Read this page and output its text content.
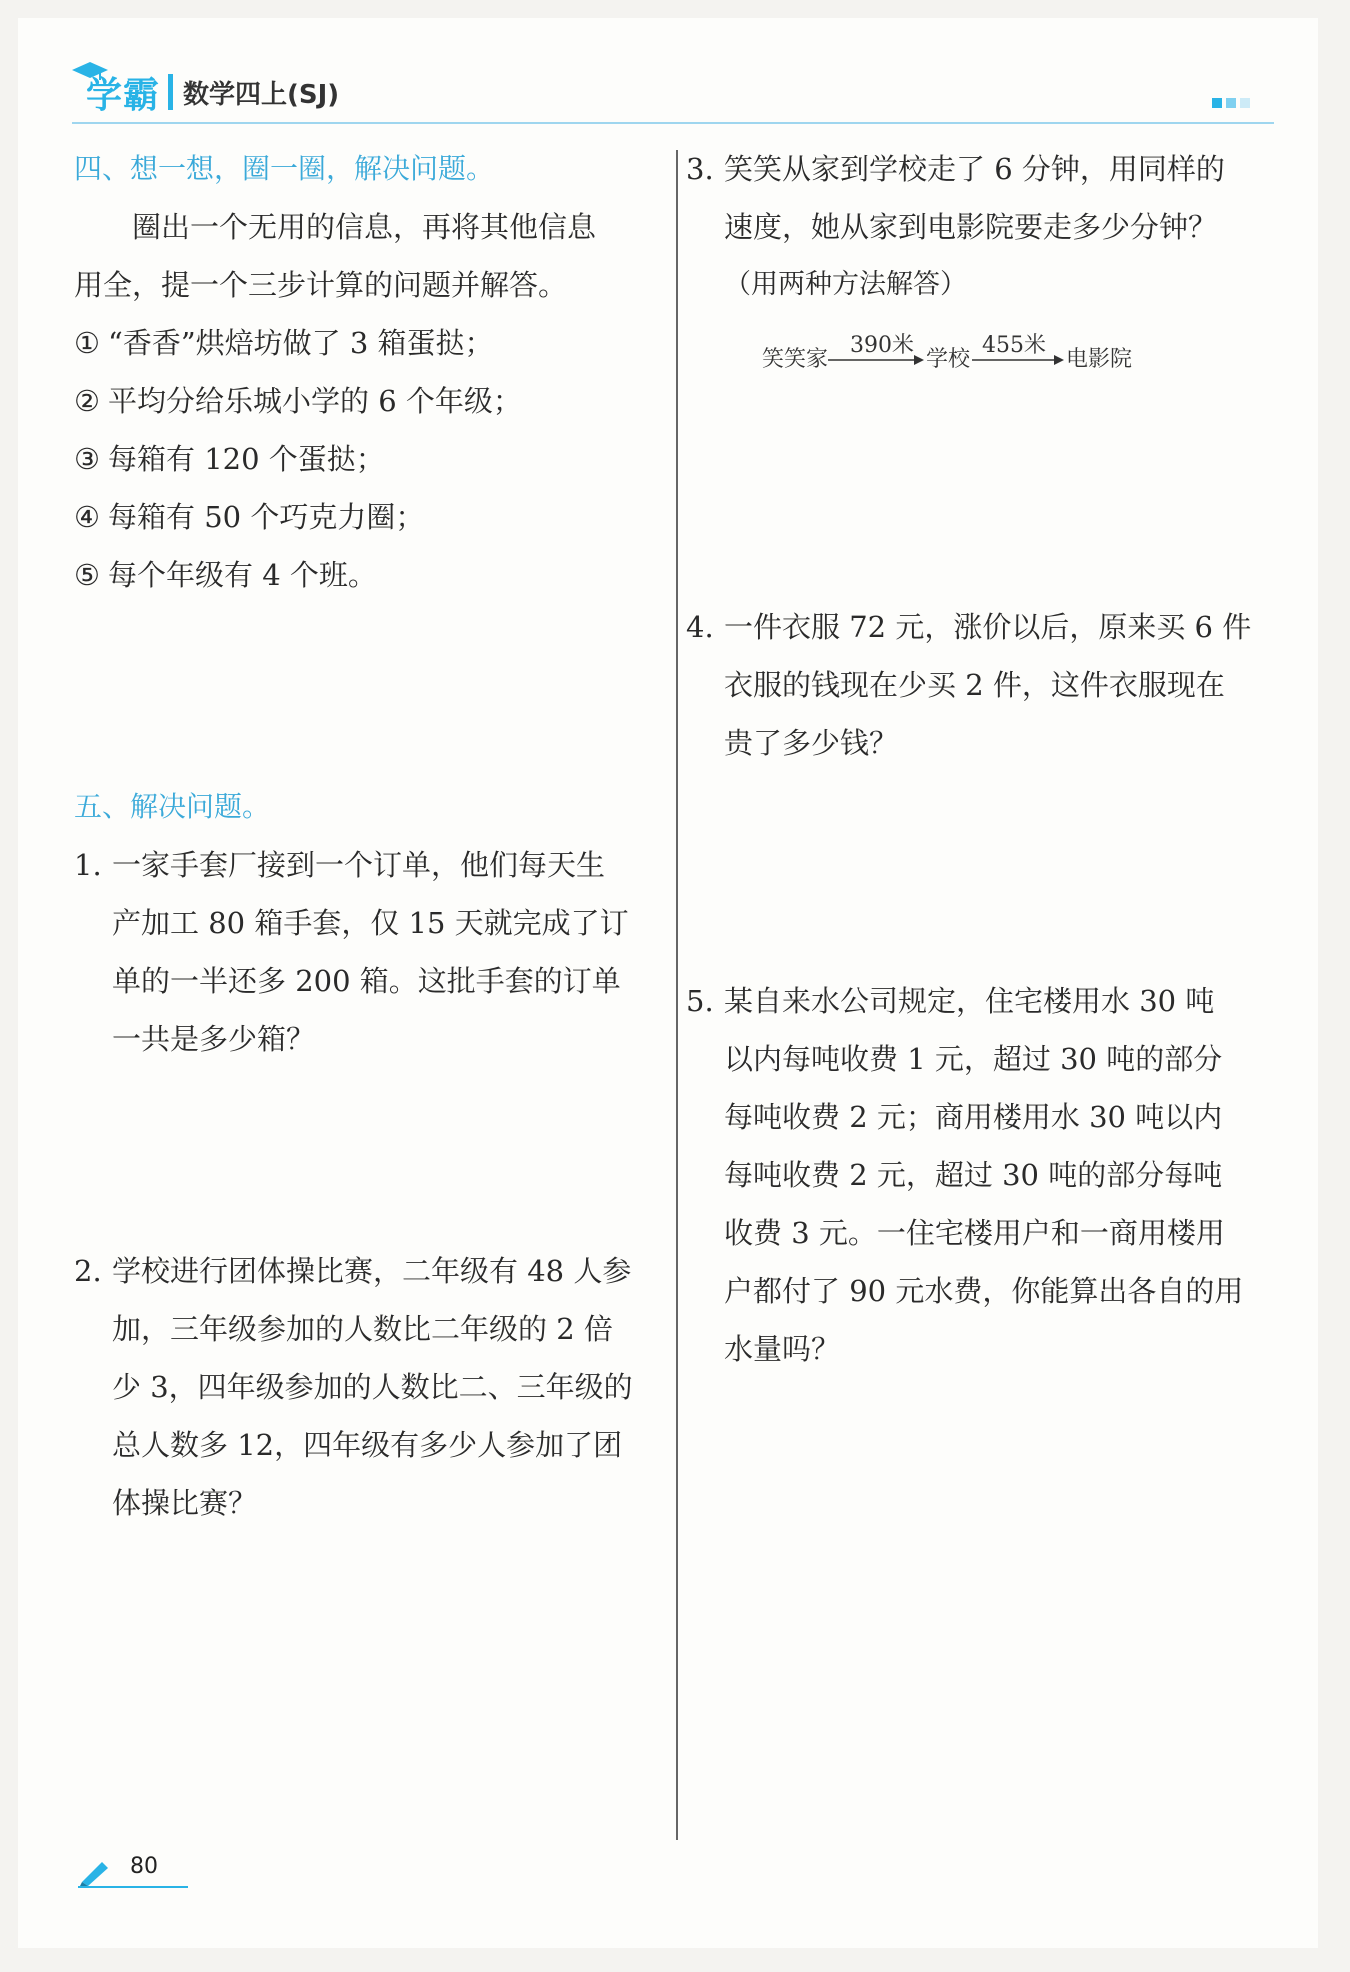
学霸 数学四上(SJ)

四、想一想，圈一圈，解决问题。

圈出一个无用的信息，再将其他信息

用全，提一个三步计算的问题并解答。

① “香香”烘焙坊做了 3 箱蛋挞；
② 平均分给乐城小学的 6 个年级；
③ 每箱有 120 个蛋挞；
④ 每箱有 50 个巧克力圈；
⑤ 每个年级有 4 个班。

五、解决问题。

1. 一家手套厂接到一个订单，他们每天生
产加工 80 箱手套，仅 15 天就完成了订
单的一半还多 200 箱。这批手套的订单
一共是多少箱？
2. 学校进行团体操比赛，二年级有 48 人参
加，三年级参加的人数比二年级的 2 倍
少 3，四年级参加的人数比二、三年级的
总人数多 12，四年级有多少人参加了团
体操比赛？
3. 笑笑从家到学校走了 6 分钟，用同样的
速度，她从家到电影院要走多少分钟？
（用两种方法解答）
笑笑家
390米
学校
455米
电影院
4. 一件衣服 72 元，涨价以后，原来买 6 件
衣服的钱现在少买 2 件，这件衣服现在
贵了多少钱？
5. 某自来水公司规定，住宅楼用水 30 吨
以内每吨收费 1 元，超过 30 吨的部分
每吨收费 2 元；商用楼用水 30 吨以内
每吨收费 2 元，超过 30 吨的部分每吨
收费 3 元。一住宅楼用户和一商用楼用
户都付了 90 元水费，你能算出各自的用
水量吗？
80
